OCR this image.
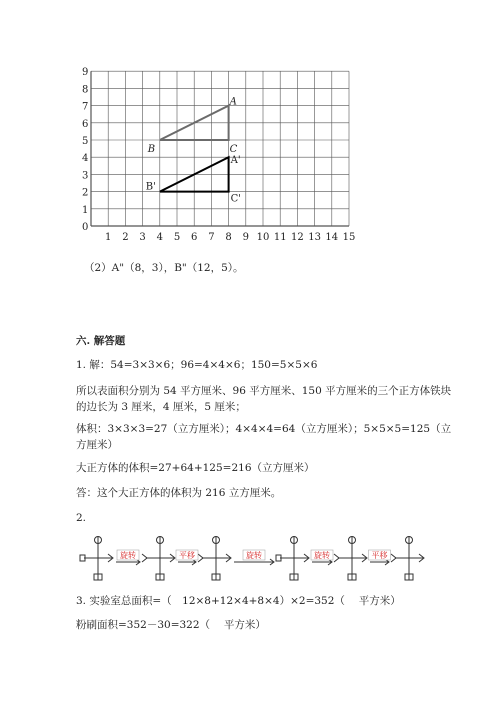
0
1
2
3
4
5
6
7
8
9
1 2 3 4 5 6 7 8 9 10 11 12 13 14 15
A
B	C
A'
B'
C'
（2）A"（8，3），B"（12，5）。
六. 解答题
1. 解：54=3×3×6；96=4×4×6；150=5×5×6
所以表面积分别为 54 平方厘米、96 平方厘米、150 平方厘米的三个正方体铁块
的边长为 3 厘米，4 厘米，5 厘米；
体积：3×3×3=27（立方厘米）；4×4×4=64（立方厘米）；5×5×5=125（立
方厘米）
大正方体的体积=27+64+125=216（立方厘米）
答：这个大正方体的体积为 216 立方厘米。
2.
旋转	平移	旋转	旋转	平移
3. 实验室总面积=（　12×8+12×4+8×4）×2=352（　 平方米）
粉刷面积=352－30=322（　 平方米）
